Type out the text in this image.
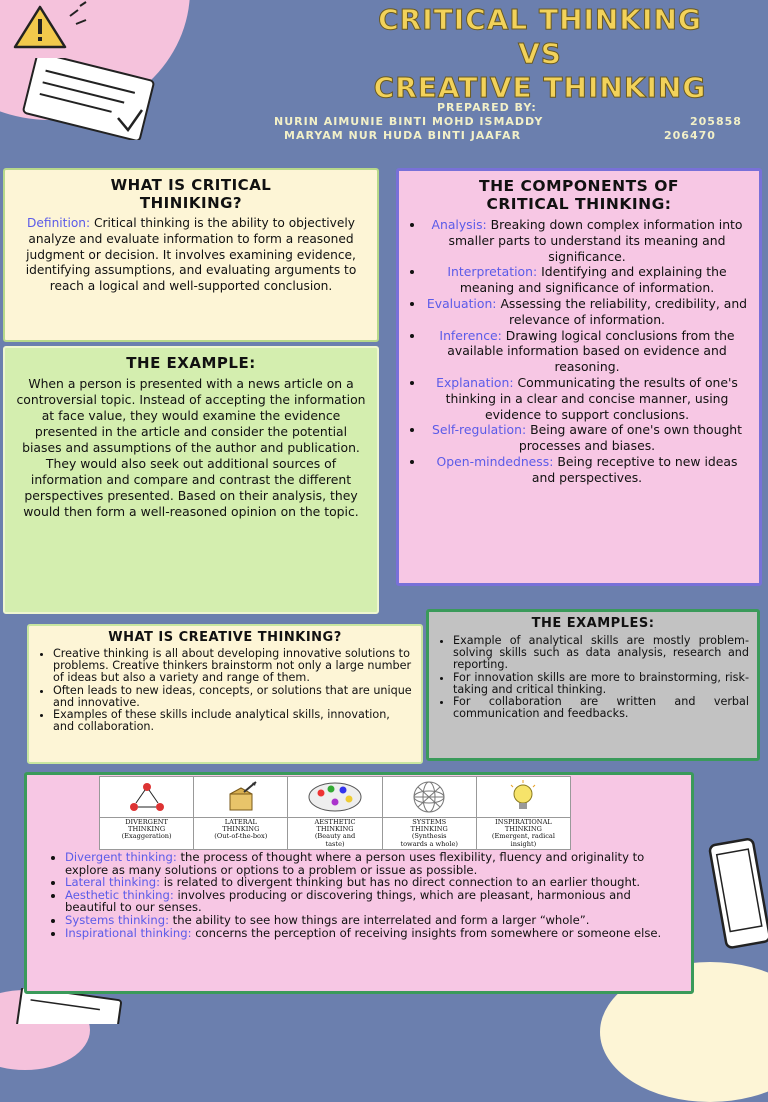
CRITICAL THINKING
VS
CREATIVE THINKING
PREPARED BY:
NURIN AIMUNIE BINTI MOHD ISMADDY	205858
MARYAM NUR HUDA BINTI JAAFAR	206470
WHAT IS CRITICAL
THINIKING?
Definition: Critical thinking is the ability to objectively analyze and evaluate information to form a reasoned judgment or decision. It involves examining evidence, identifying assumptions, and evaluating arguments to reach a logical and well-supported conclusion.
THE EXAMPLE:
When a person is presented with a news article on a controversial topic. Instead of accepting the information at face value, they would examine the evidence presented in the article and consider the potential biases and assumptions of the author and publication. They would also seek out additional sources of information and compare and contrast the different perspectives presented. Based on their analysis, they would then form a well-reasoned opinion on the topic.
THE COMPONENTS OF
CRITICAL THINKING:
• Analysis: Breaking down complex information into smaller parts to understand its meaning and significance.
• Interpretation: Identifying and explaining the meaning and significance of information.
• Evaluation: Assessing the reliability, credibility, and relevance of information.
• Inference: Drawing logical conclusions from the available information based on evidence and reasoning.
• Explanation: Communicating the results of one's thinking in a clear and concise manner, using evidence to support conclusions.
• Self-regulation: Being aware of one's own thought processes and biases.
• Open-mindedness: Being receptive to new ideas and perspectives.
WHAT IS CREATIVE THINKING?
• Creative thinking is all about developing innovative solutions to problems. Creative thinkers brainstorm not only a large number of ideas but also a variety and range of them.
• Often leads to new ideas, concepts, or solutions that are unique and innovative.
• Examples of these skills include analytical skills, innovation, and collaboration.
THE EXAMPLES:
• Example of analytical skills are mostly problem-solving skills such as data analysis, research and reporting.
• For innovation skills are more to brainstorming, risk-taking and critical thinking.
• For collaboration are written and verbal communication and feedbacks.
• Divergent thinking: the process of thought where a person uses flexibility, fluency and originality to explore as many solutions or options to a problem or issue as possible.
• Lateral thinking: is related to divergent thinking but has no direct connection to an earlier thought.
• Aesthetic thinking: involves producing or discovering things, which are pleasant, harmonious and beautiful to our senses.
• Systems thinking: the ability to see how things are interrelated and form a larger “whole”.
• Inspirational thinking: concerns the perception of receiving insights from somewhere or someone else.
DIVERGENT
THINKING
(Exaggeration)
LATERAL
THINKING
(Out-of-the-box)
AESTHETIC
THINKING
(Beauty and
taste)
SYSTEMS
THINKING
(Synthesis
towards a whole)
INSPIRATIONAL
THINKING
(Emergent, radical
insight)
